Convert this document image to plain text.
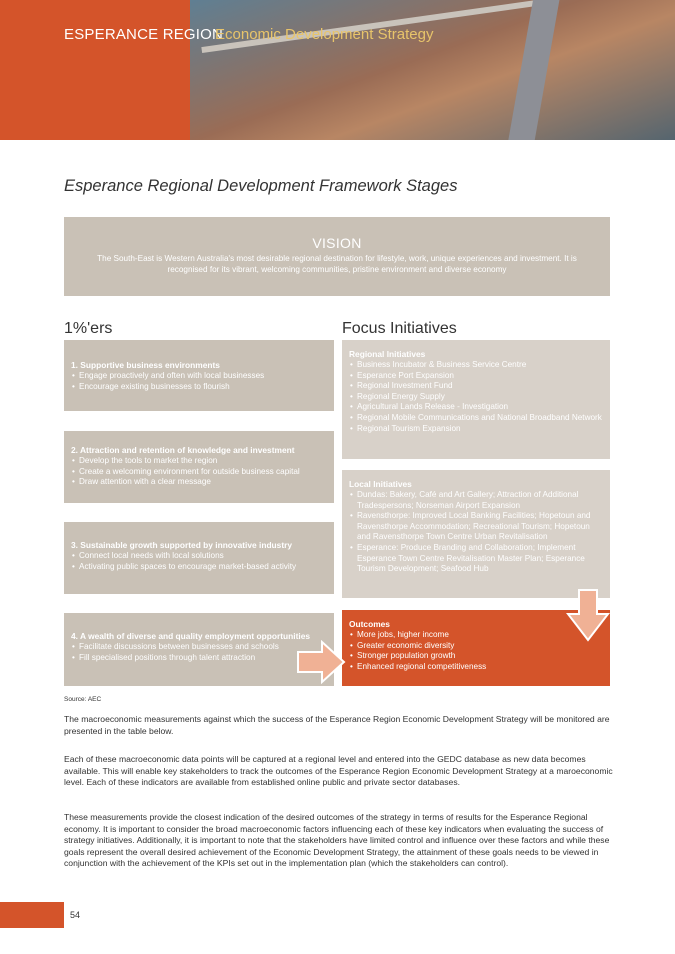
ESPERANCE REGION
Economic Development Strategy
Esperance Regional Development Framework Stages
VISION
The South-East is Western Australia's most desirable regional destination for lifestyle, work, unique experiences and investment. It is recognised for its vibrant, welcoming communities, pristine environment and diverse economy
1%'ers	Focus Initiatives
1. Supportive business environments
• Engage proactively and often with local businesses
• Encourage existing businesses to flourish
2. Attraction and retention of knowledge and investment
• Develop the tools to market the region
• Create a welcoming environment for outside business capital
• Draw attention with a clear message
3. Sustainable growth supported by innovative industry
• Connect local needs with local solutions
• Activating public spaces to encourage market-based activity
4. A wealth of diverse and quality employment opportunities
• Facilitate discussions between businesses and schools
• Fill specialised positions through talent attraction
Regional Initiatives
• Business Incubator & Business Service Centre
• Esperance Port Expansion
• Regional Investment Fund
• Regional Energy Supply
• Agricultural Lands Release - Investigation
• Regional Mobile Communications and National Broadband Network
• Regional Tourism Expansion
Local Initiatives
• Dundas: Bakery, Café and Art Gallery; Attraction of Additional Tradespersons; Norseman Airport Expansion
• Ravensthorpe: Improved Local Banking Facilities; Hopetoun and Ravensthorpe Accommodation; Recreational Tourism; Hopetoun and Ravensthorpe Town Centre Urban Revitalisation
• Esperance: Produce Branding and Collaboration; Implement Esperance Town Centre Revitalisation Master Plan; Esperance Tourism Development; Seafood Hub
Outcomes
• More jobs, higher income
• Greater economic diversity
• Stronger population growth
• Enhanced regional competitiveness
Source: AEC
The macroeconomic measurements against which the success of the Esperance Region Economic Development Strategy will be monitored are presented in the table below.
Each of these macroeconomic data points will be captured at a regional level and entered into the GEDC database as new data becomes available. This will enable key stakeholders to track the outcomes of the Esperance Region Economic Development Strategy at a maroeconomic level. Each of these indicators are available from established online public and private sector databases.
These measurements provide the closest indication of the desired outcomes of the strategy in terms of results for the Esperance Regional economy. It is important to consider the broad macroeconomic factors influencing each of these key indicators when evaluating the success of strategy initiatives. Additionally, it is important to note that the stakeholders have limited control and influence over these factors and while these goals represent the overall desired achievement of the Economic Development Strategy, the attainment of these goals needs to be viewed in conjunction with the achievement of the KPIs set out in the implementation plan (which the stakeholders can control).
54
